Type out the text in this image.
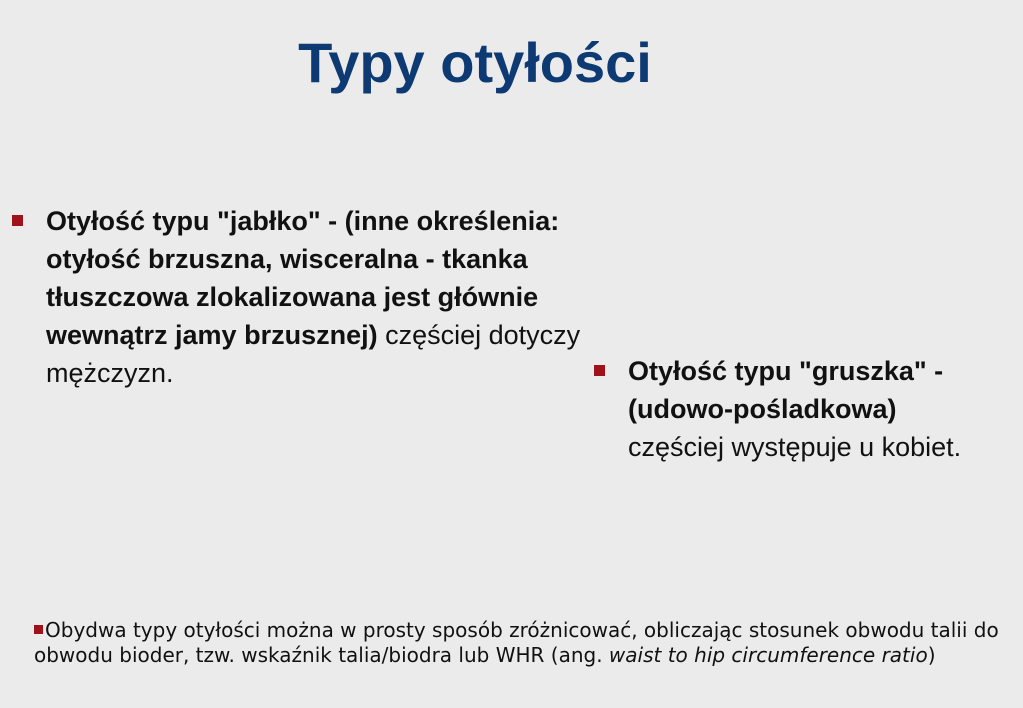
Typy otyłości
Otyłość typu "jabłko" - (inne określenia: otyłość brzuszna, wisceralna - tkanka tłuszczowa zlokalizowana jest głównie wewnątrz jamy brzusznej) częściej dotyczy mężczyzn.	Otyłość typu "gruszka" - (udowo-pośladkowa) częściej występuje u kobiet.
Obydwa typy otyłości można w prosty sposób zróżnicować, obliczając stosunek obwodu talii do obwodu bioder, tzw. wskaźnik talia/biodra lub WHR (ang. waist to hip circumference ratio)
